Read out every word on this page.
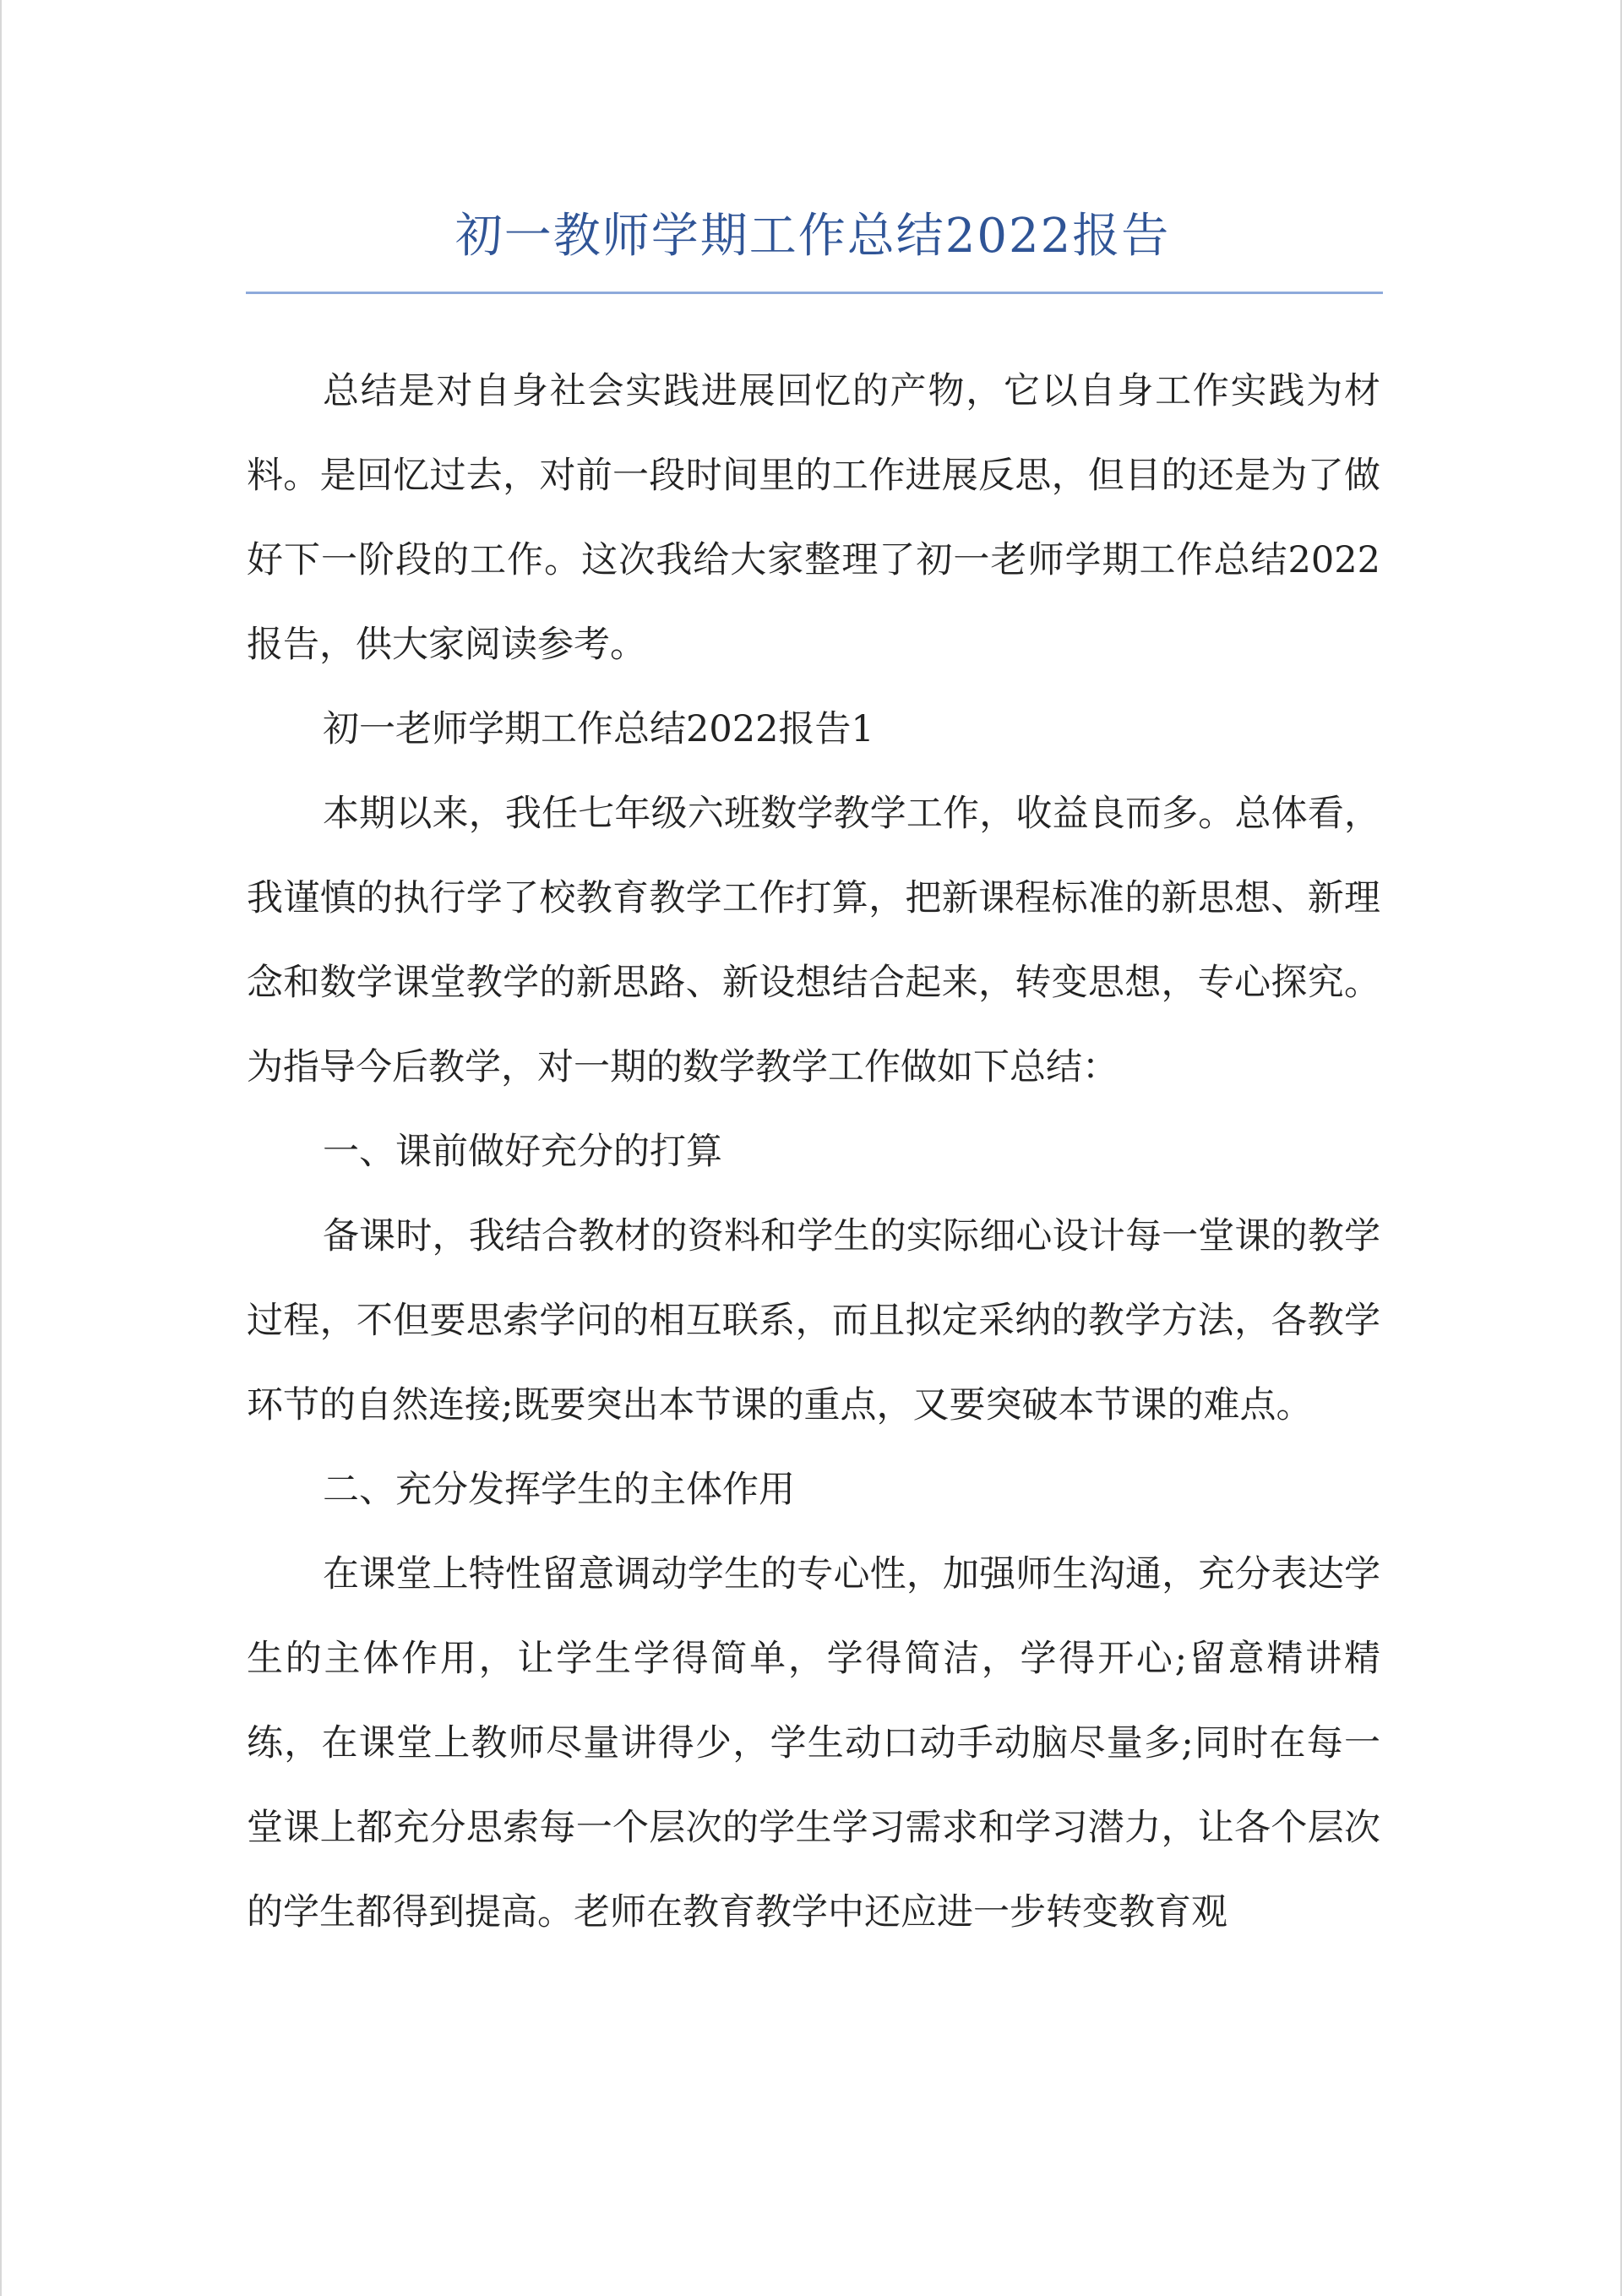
初一教师学期工作总结2022报告

总结是对自身社会实践进展回忆的产物，它以自身工作实践为材料。是回忆过去，对前一段时间里的工作进展反思，但目的还是为了做好下一阶段的工作。这次我给大家整理了初一老师学期工作总结2022报告，供大家阅读参考。

初一老师学期工作总结2022报告1

本期以来，我任七年级六班数学教学工作，收益良而多。总体看，我谨慎的执行学了校教育教学工作打算，把新课程标准的新思想、新理念和数学课堂教学的新思路、新设想结合起来，转变思想，专心探究。为指导今后教学，对一期的数学教学工作做如下总结：

一、课前做好充分的打算

备课时，我结合教材的资料和学生的实际细心设计每一堂课的教学过程，不但要思索学问的相互联系，而且拟定采纳的教学方法，各教学环节的自然连接;既要突出本节课的重点，又要突破本节课的难点。

二、充分发挥学生的主体作用

在课堂上特性留意调动学生的专心性，加强师生沟通，充分表达学生的主体作用，让学生学得简单，学得简洁，学得开心;留意精讲精练，在课堂上教师尽量讲得少，学生动口动手动脑尽量多;同时在每一堂课上都充分思索每一个层次的学生学习需求和学习潜力，让各个层次的学生都得到提高。老师在教育教学中还应进一步转变教育观
